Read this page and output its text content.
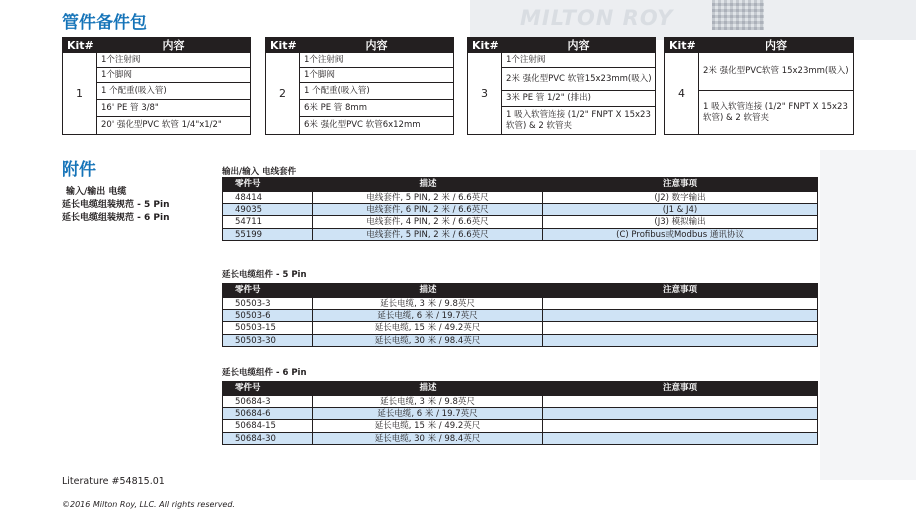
MILTON ROY
管件备件包
Kit#	内容
1
1个注射阀
1个脚阀
1 个配重(吸入管)
16' PE 管 3/8"
20' 强化型PVC 软管 1/4"x1/2"
Kit#	内容
2
1个注射阀
1个脚阀
1 个配重(吸入管)
6米 PE 管 8mm
6米 强化型PVC 软管6x12mm
Kit#	内容
3
1个注射阀
2米 强化型PVC 软管15x23mm(吸入)
3米 PE 管 1/2" (排出)
1 吸入软管连接 (1/2" FNPT X 15x23 软管) & 2 软管夹
Kit#	内容
4
2米 强化型PVC软管 15x23mm(吸入)
1 吸入软管连接 (1/2" FNPT X 15x23 软管) & 2 软管夹
附件
输入/输出 电缆
延长电缆组装规范 - 5 Pin
延长电缆组装规范 - 6 Pin
输出/输入 电线套件
零件号	描述	注意事项
48414	电线套件, 5 PIN, 2 米 / 6.6英尺	(J2) 数字输出
49035	电线套件, 6 PIN, 2 米 / 6.6英尺	(J1 & J4)
54711	电线套件, 4 PIN, 2 米 / 6.6英尺	(J3) 模拟输出
55199	电线套件, 5 PIN, 2 米 / 6.6英尺	(C) Profibus或Modbus 通讯协议
延长电缆组件 - 5 Pin
零件号	描述	注意事项
50503-3	延长电缆, 3 米 / 9.8英尺
50503-6	延长电缆, 6 米 / 19.7英尺
50503-15	延长电缆, 15 米 / 49.2英尺
50503-30	延长电缆, 30 米 / 98.4英尺
延长电缆组件 - 6 Pin
零件号	描述	注意事项
50684-3	延长电缆, 3 米 / 9.8英尺
50684-6	延长电缆, 6 米 / 19.7英尺
50684-15	延长电缆, 15 米 / 49.2英尺
50684-30	延长电缆, 30 米 / 98.4英尺
Literature #54815.01
©2016 Milton Roy, LLC. All rights reserved.
